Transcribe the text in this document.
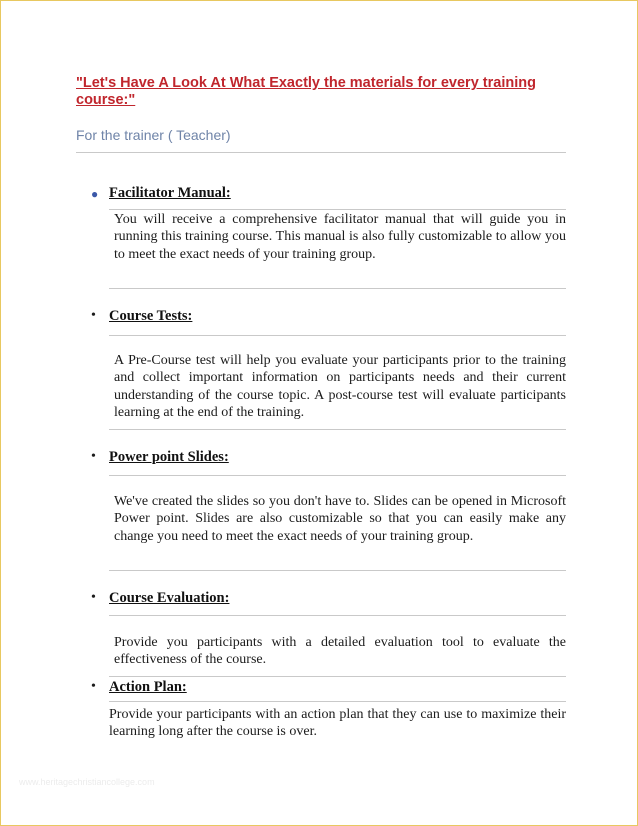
"Let's Have A Look At What Exactly the materials for every training course:"
For the trainer ( Teacher)
● Facilitator Manual:
You will receive a comprehensive facilitator manual that will guide you in running this training course. This manual is also fully customizable to allow you to meet the exact needs of your training group.
• Course Tests:
A Pre-Course test will help you evaluate your participants prior to the training and collect important information on participants needs and their current understanding of the course topic. A post-course test will evaluate participants learning at the end of the training.
• Power point Slides:
We've created the slides so you don't have to. Slides can be opened in Microsoft Power point. Slides are also customizable so that you can easily make any change you need to meet the exact needs of your training group.
• Course Evaluation:
Provide you participants with a detailed evaluation tool to evaluate the effectiveness of the course.
• Action Plan:
Provide your participants with an action plan that they can use to maximize their learning long after the course is over.
www.heritagechristiancollege.com
